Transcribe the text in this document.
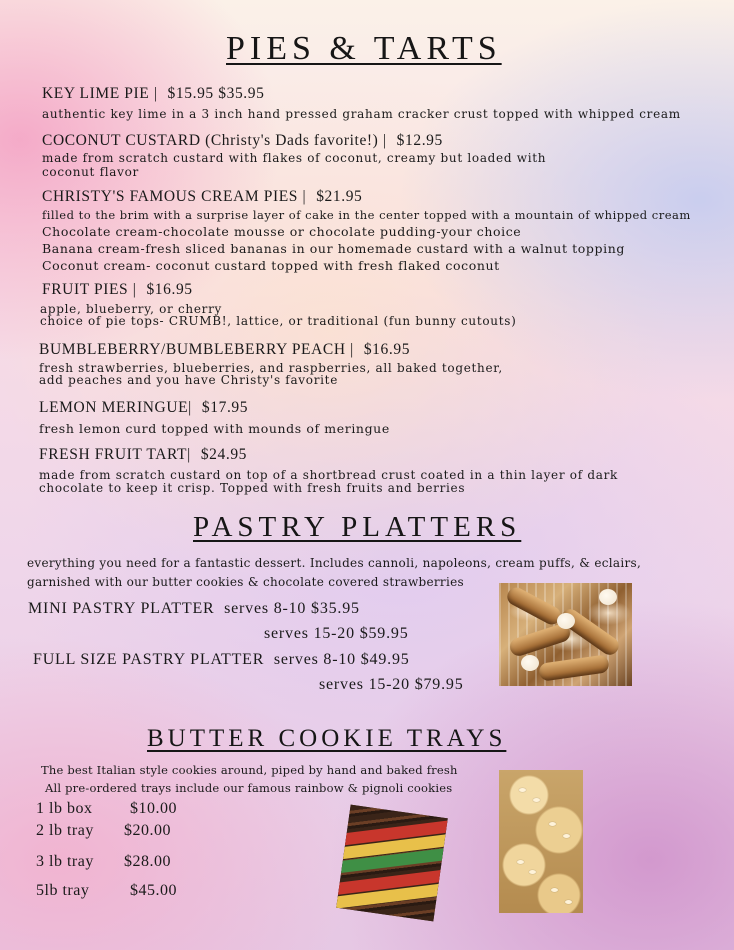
PIES & TARTS
KEY LIME PIE | $15.95 $35.95
authentic key lime in a 3 inch hand pressed graham cracker crust topped with whipped cream
COCONUT CUSTARD (Christy's Dads favorite!) | $12.95
made from scratch custard with flakes of coconut, creamy but loaded with
coconut flavor
CHRISTY'S FAMOUS CREAM PIES | $21.95
filled to the brim with a surprise layer of cake in the center topped with a mountain of whipped cream
Chocolate cream-chocolate mousse or chocolate pudding-your choice
Banana cream-fresh sliced bananas in our homemade custard with a walnut topping
Coconut cream- coconut custard topped with fresh flaked coconut
FRUIT PIES | $16.95
apple, blueberry, or cherry
choice of pie tops- CRUMB!, lattice, or traditional (fun bunny cutouts)
BUMBLEBERRY/BUMBLEBERRY PEACH | $16.95
fresh strawberries, blueberries, and raspberries, all baked together,
add peaches and you have Christy's favorite
LEMON MERINGUE| $17.95
fresh lemon curd topped with mounds of meringue
FRESH FRUIT TART| $24.95
made from scratch custard on top of a shortbread crust coated in a thin layer of dark
chocolate to keep it crisp. Topped with fresh fruits and berries
PASTRY PLATTERS
everything you need for a fantastic dessert. Includes cannoli, napoleons, cream puffs, & eclairs,
garnished with our butter cookies & chocolate covered strawberries
MINI PASTRY PLATTER serves 8-10 $35.95
serves 15-20 $59.95
FULL SIZE PASTRY PLATTER serves 8-10 $49.95
serves 15-20 $79.95
BUTTER COOKIE TRAYS
The best Italian style cookies around, piped by hand and baked fresh
All pre-ordered trays include our famous rainbow & pignoli cookies
1 lb box $10.00
2 lb tray $20.00
3 lb tray $28.00
5lb tray	$45.00
